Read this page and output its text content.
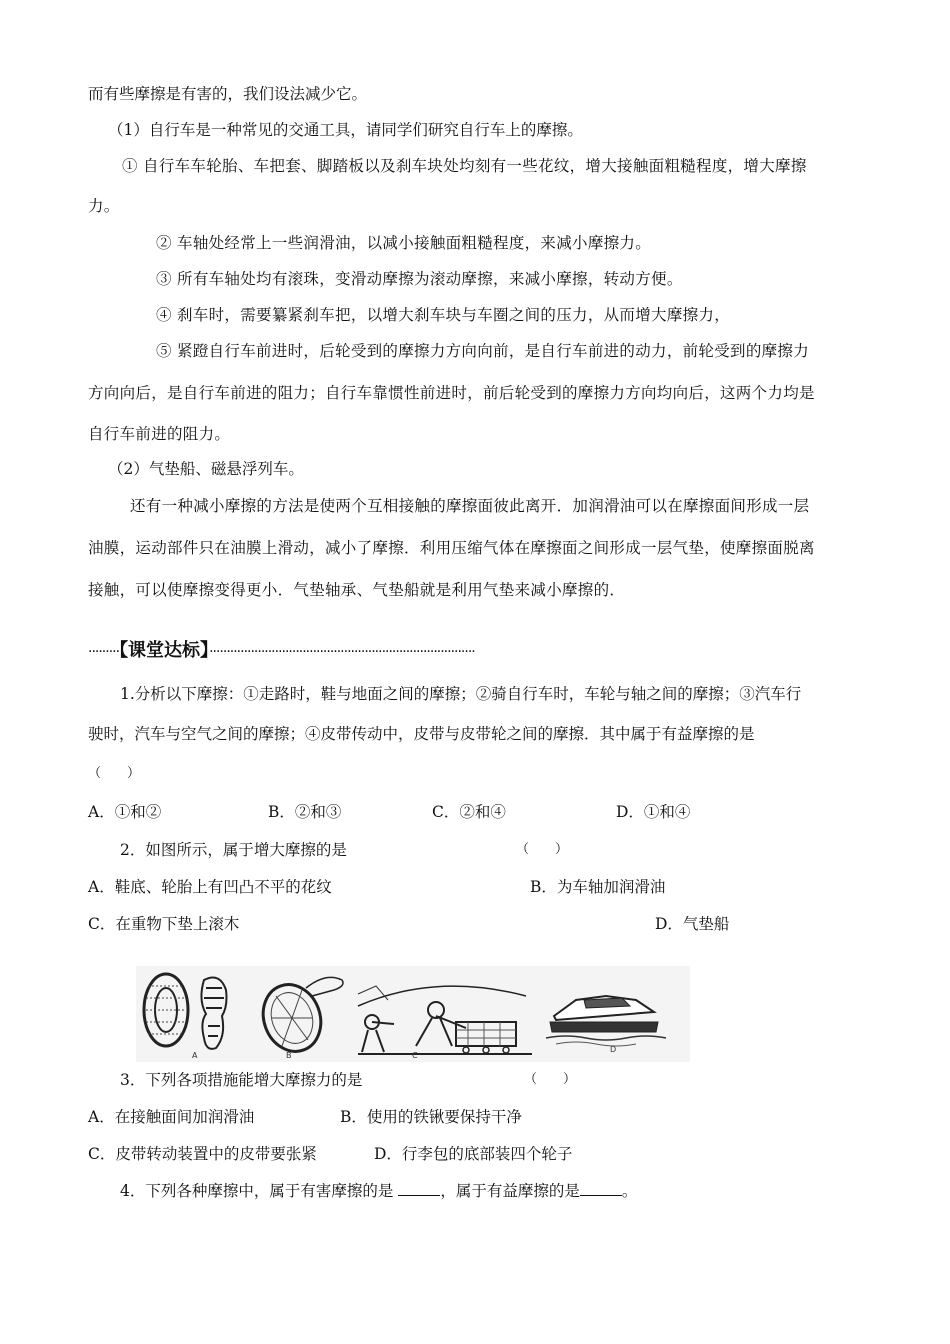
而有些摩擦是有害的，我们设法减少它。
（1）自行车是一种常见的交通工具，请同学们研究自行车上的摩擦。
① 自行车车轮胎、车把套、脚踏板以及刹车块处均刻有一些花纹，增大接触面粗糙程度，增大摩擦
力。
② 车轴处经常上一些润滑油，以减小接触面粗糙程度，来减小摩擦力。
③ 所有车轴处均有滚珠，变滑动摩擦为滚动摩擦，来减小摩擦，转动方便。
④ 刹车时，需要纂紧刹车把，以增大刹车块与车圈之间的压力，从而增大摩擦力，
⑤ 紧蹬自行车前进时，后轮受到的摩擦力方向向前，是自行车前进的动力，前轮受到的摩擦力
方向向后，是自行车前进的阻力；自行车靠惯性前进时，前后轮受到的摩擦力方向均向后，这两个力均是
自行车前进的阻力。
（2）气垫船、磁悬浮列车。
还有一种减小摩擦的方法是使两个互相接触的摩擦面彼此离开．加润滑油可以在摩擦面间形成一层
油膜，运动部件只在油膜上滑动，减小了摩擦．利用压缩气体在摩擦面之间形成一层气垫，使摩擦面脱离
接触，可以使摩擦变得更小．气垫轴承、气垫船就是利用气垫来减小摩擦的．
·········【课堂达标】·············································································
1.分析以下摩擦：①走路时，鞋与地面之间的摩擦；②骑自行车时，车轮与轴之间的摩擦；③汽车行
驶时，汽车与空气之间的摩擦；④皮带传动中，皮带与皮带轮之间的摩擦．其中属于有益摩擦的是
（　　）
A．①和②	B．②和③	C．②和④	D．①和④
2．如图所示，属于增大摩擦的是	（　　）
A．鞋底、轮胎上有凹凸不平的花纹	B．为车轴加润滑油
C．在重物下垫上滚木	D．气垫船
A	B	C
D
3．下列各项措施能增大摩擦力的是	（　　）
A．在接触面间加润滑油	B．使用的铁锹要保持干净
C．皮带转动装置中的皮带要张紧	D．行李包的底部装四个轮子
4．下列各种摩擦中，属于有害摩擦的是	，属于有益摩擦的是	。
